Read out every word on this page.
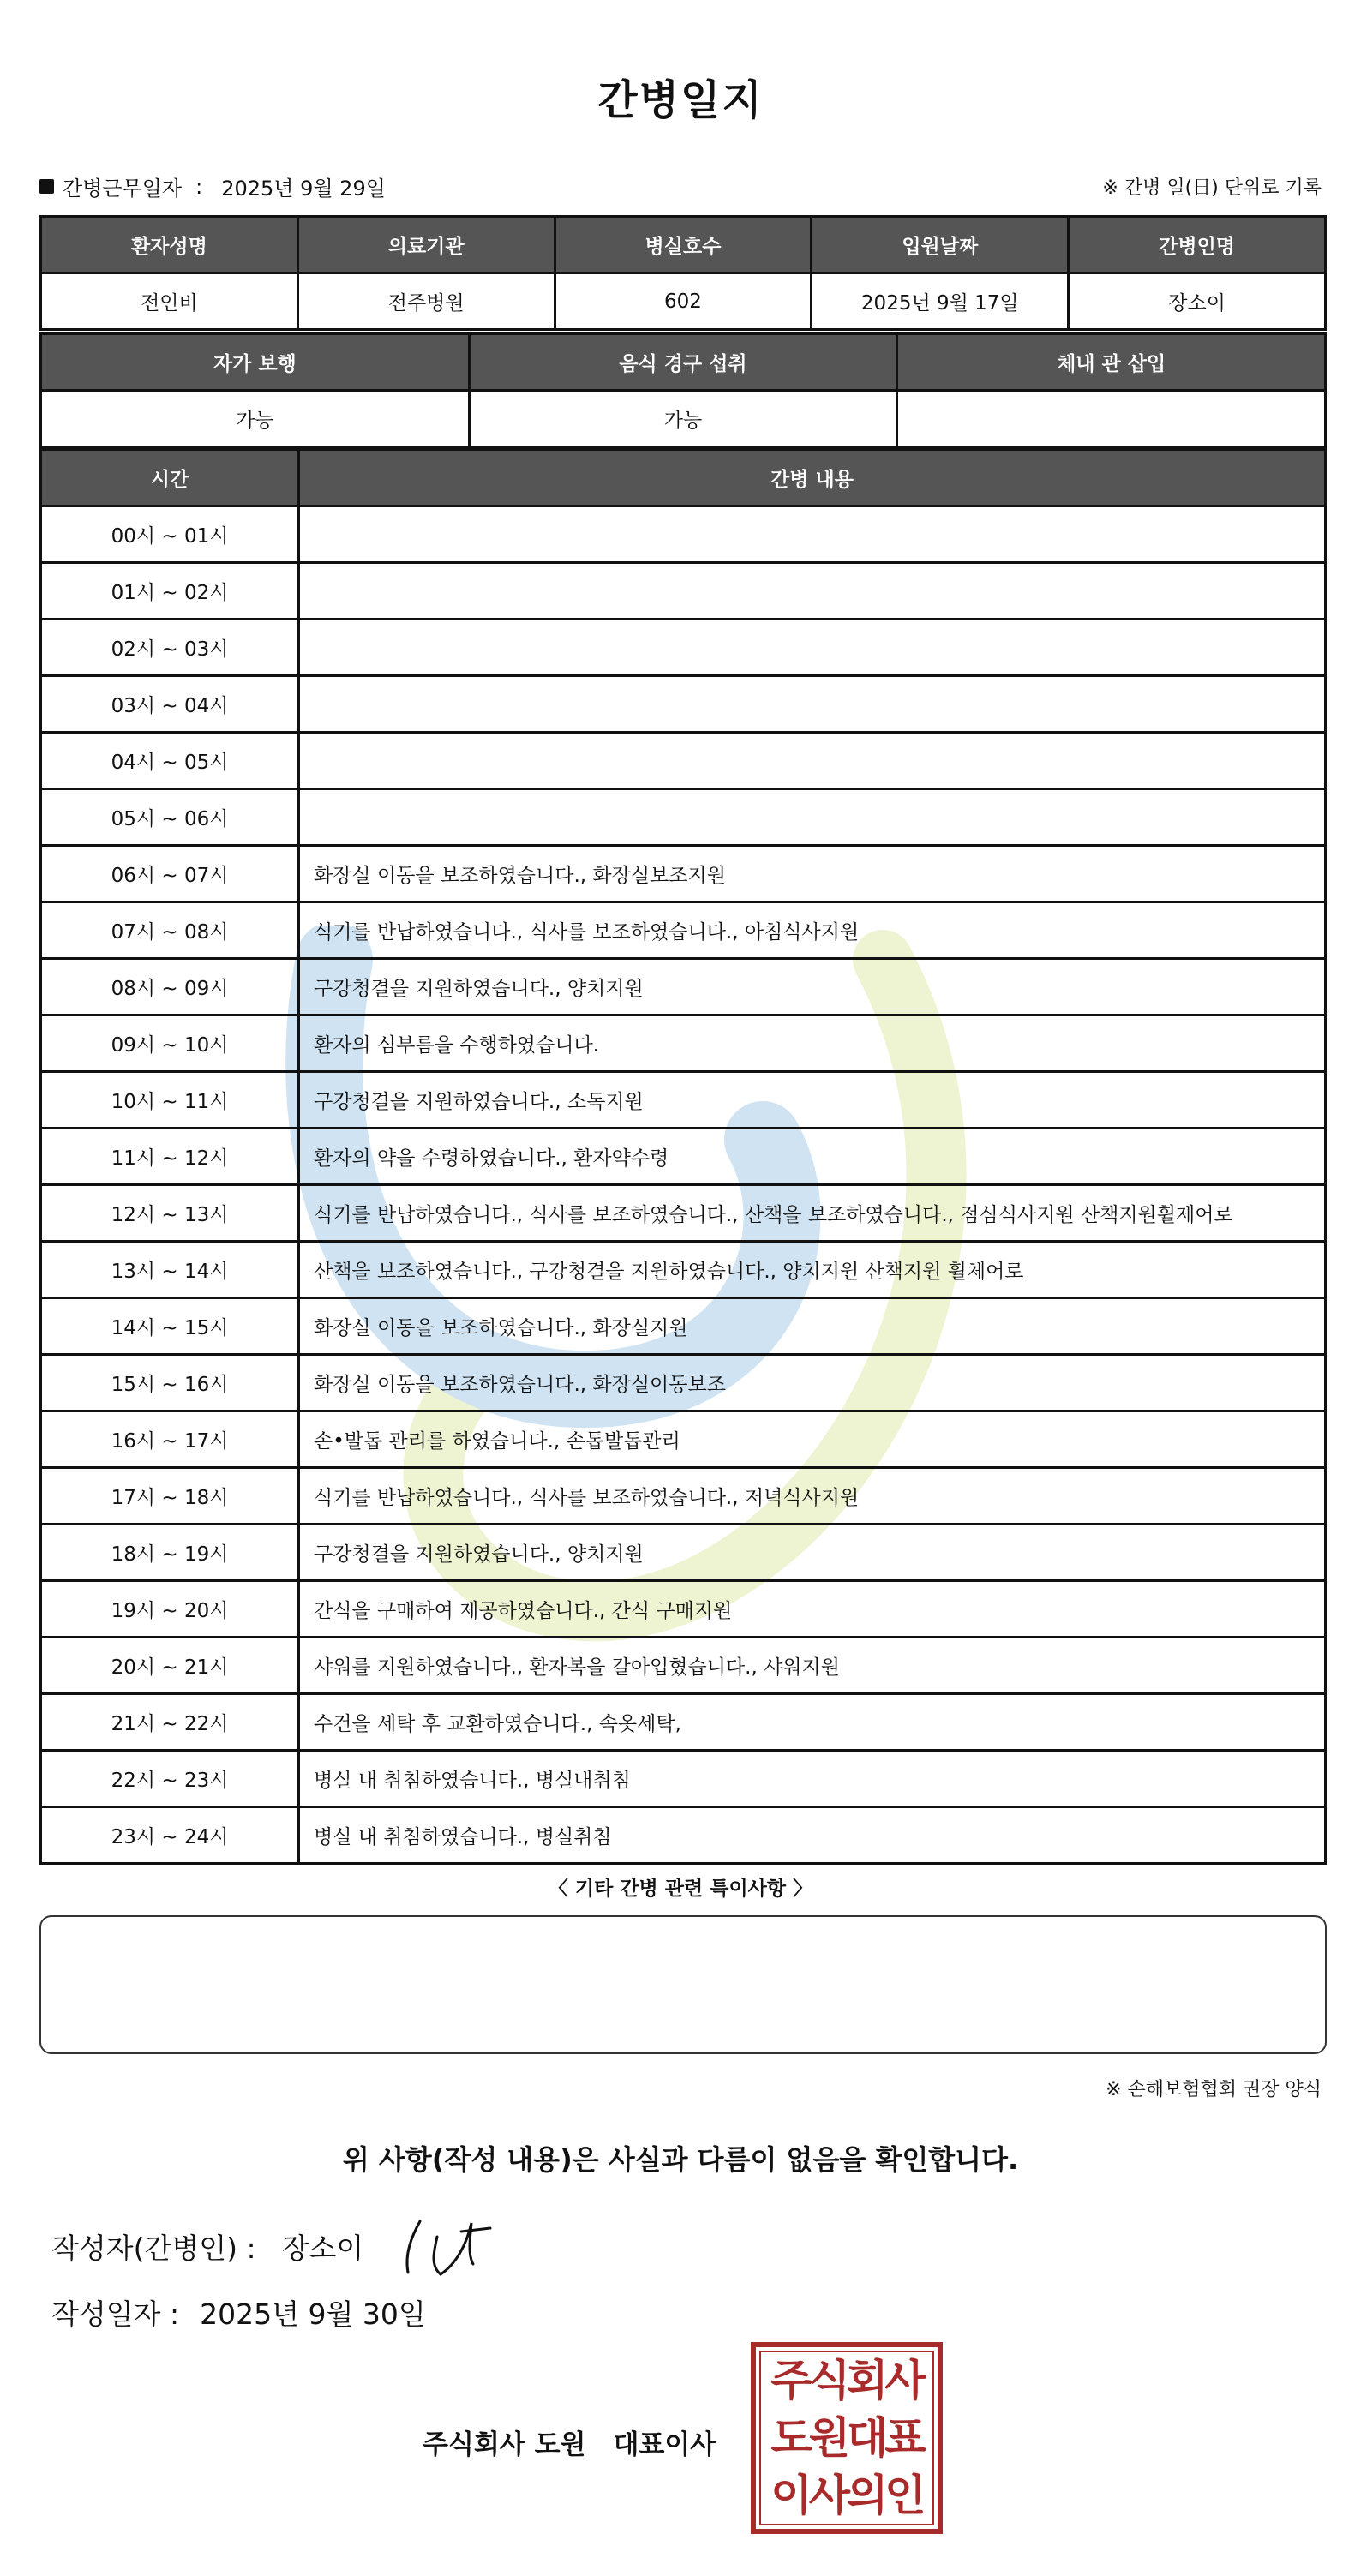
간병일지
간병근무일자 : 2025년 9월 29일	※ 간병 일(日) 단위로 기록
환자성명	의료기관	병실호수	입원날짜	간병인명
전인비	전주병원	602	2025년 9월 17일	장소이
자가 보행	음식 경구 섭취	체내 관 삽입
가능	가능	
시간	간병 내용
00시 ~ 01시	
01시 ~ 02시	
02시 ~ 03시	
03시 ~ 04시	
04시 ~ 05시	
05시 ~ 06시	
06시 ~ 07시	화장실 이동을 보조하였습니다., 화장실보조지원
07시 ~ 08시	식기를 반납하였습니다., 식사를 보조하였습니다., 아침식사지원
08시 ~ 09시	구강청결을 지원하였습니다., 양치지원
09시 ~ 10시	환자의 심부름을 수행하였습니다.
10시 ~ 11시	구강청결을 지원하였습니다., 소독지원
11시 ~ 12시	환자의 약을 수령하였습니다., 환자약수령
12시 ~ 13시	식기를 반납하였습니다., 식사를 보조하였습니다., 산책을 보조하였습니다., 점심식사지원 산책지원휠제어로
13시 ~ 14시	산책을 보조하였습니다., 구강청결을 지원하였습니다., 양치지원 산책지원 휠체어로
14시 ~ 15시	화장실 이동을 보조하였습니다., 화장실지원
15시 ~ 16시	화장실 이동을 보조하였습니다., 화장실이동보조
16시 ~ 17시	손•발톱 관리를 하였습니다., 손톱발톱관리
17시 ~ 18시	식기를 반납하였습니다., 식사를 보조하였습니다., 저녁식사지원
18시 ~ 19시	구강청결을 지원하였습니다., 양치지원
19시 ~ 20시	간식을 구매하여 제공하였습니다., 간식 구매지원
20시 ~ 21시	샤워를 지원하였습니다., 환자복을 갈아입혔습니다., 샤워지원
21시 ~ 22시	수건을 세탁 후 교환하였습니다., 속옷세탁,
22시 ~ 23시	병실 내 취침하였습니다., 병실내취침
23시 ~ 24시	병실 내 취침하였습니다., 병실취침
〈 기타 간병 관련 특이사항 〉
※ 손해보험협회 권장 양식
위 사항(작성 내용)은 사실과 다름이 없음을 확인합니다.
작성자(간병인) : 장소이
작성일자 : 2025년 9월 30일
주식회사 도원 대표이사
주식회사
도원대표
이사의인
